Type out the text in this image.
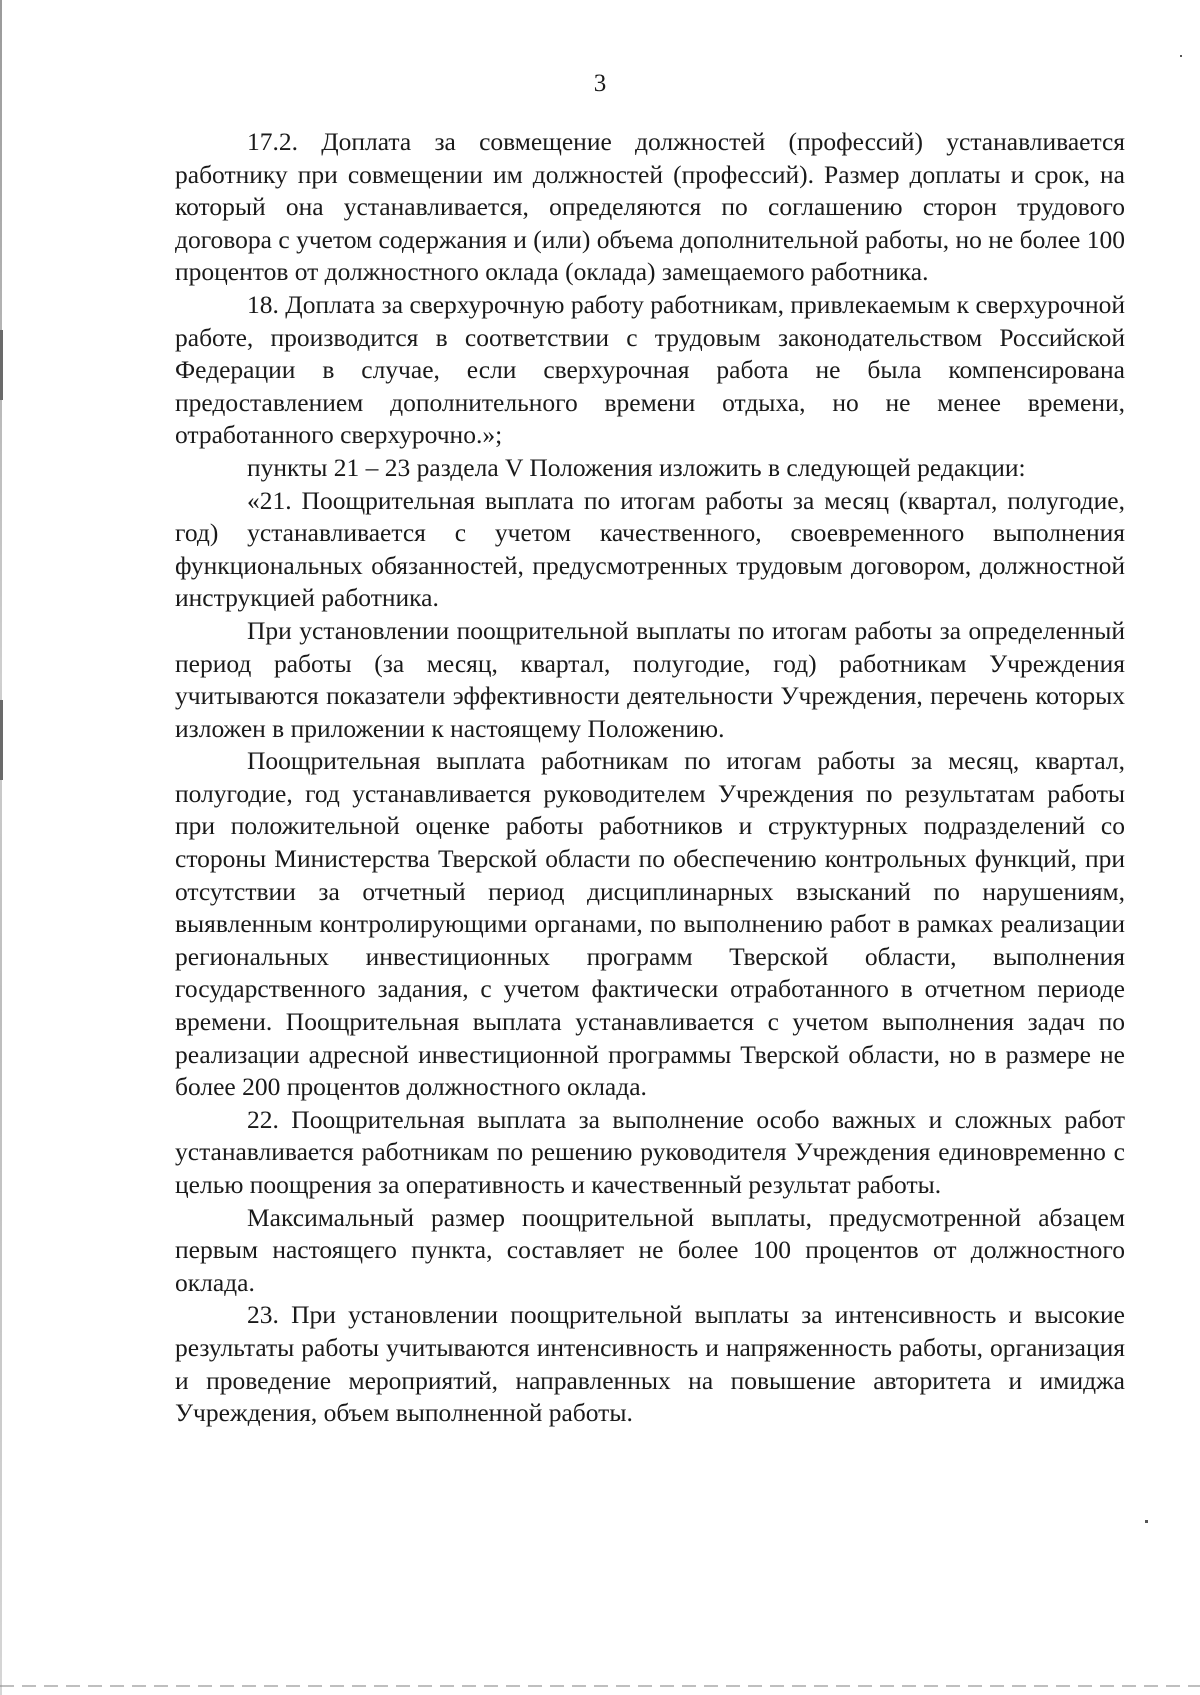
3

17.2. Доплата за совмещение должностей (профессий) устанавливается работнику при совмещении им должностей (профессий). Размер доплаты и срок, на который она устанавливается, определяются по соглашению сторон трудового договора с учетом содержания и (или) объема дополнительной работы, но не более 100 процентов от должностного оклада (оклада) замещаемого работника.

18. Доплата за сверхурочную работу работникам, привлекаемым к сверхурочной работе, производится в соответствии с трудовым законодательством Российской Федерации в случае, если сверхурочная работа не была компенсирована предоставлением дополнительного времени отдыха, но не менее времени, отработанного сверхурочно.»;

пункты 21 – 23 раздела V Положения изложить в следующей редакции:

«21. Поощрительная выплата по итогам работы за месяц (квартал, полугодие, год) устанавливается с учетом качественного, своевременного выполнения функциональных обязанностей, предусмотренных трудовым договором, должностной инструкцией работника.

При установлении поощрительной выплаты по итогам работы за определенный период работы (за месяц, квартал, полугодие, год) работникам Учреждения учитываются показатели эффективности деятельности Учреждения, перечень которых изложен в приложении к настоящему Положению.

Поощрительная выплата работникам по итогам работы за месяц, квартал, полугодие, год устанавливается руководителем Учреждения по результатам работы при положительной оценке работы работников и структурных подразделений со стороны Министерства Тверской области по обеспечению контрольных функций, при отсутствии за отчетный период дисциплинарных взысканий по нарушениям, выявленным контролирующими органами, по выполнению работ в рамках реализации региональных инвестиционных программ Тверской области, выполнения государственного задания, с учетом фактически отработанного в отчетном периоде времени. Поощрительная выплата устанавливается с учетом выполнения задач по реализации адресной инвестиционной программы Тверской области, но в размере не более 200 процентов должностного оклада.

22. Поощрительная выплата за выполнение особо важных и сложных работ устанавливается работникам по решению руководителя Учреждения единовременно с целью поощрения за оперативность и качественный результат работы.

Максимальный размер поощрительной выплаты, предусмотренной абзацем первым настоящего пункта, составляет не более 100 процентов от должностного оклада.

23. При установлении поощрительной выплаты за интенсивность и высокие результаты работы учитываются интенсивность и напряженность работы, организация и проведение мероприятий, направленных на повышение авторитета и имиджа Учреждения, объем выполненной работы.
